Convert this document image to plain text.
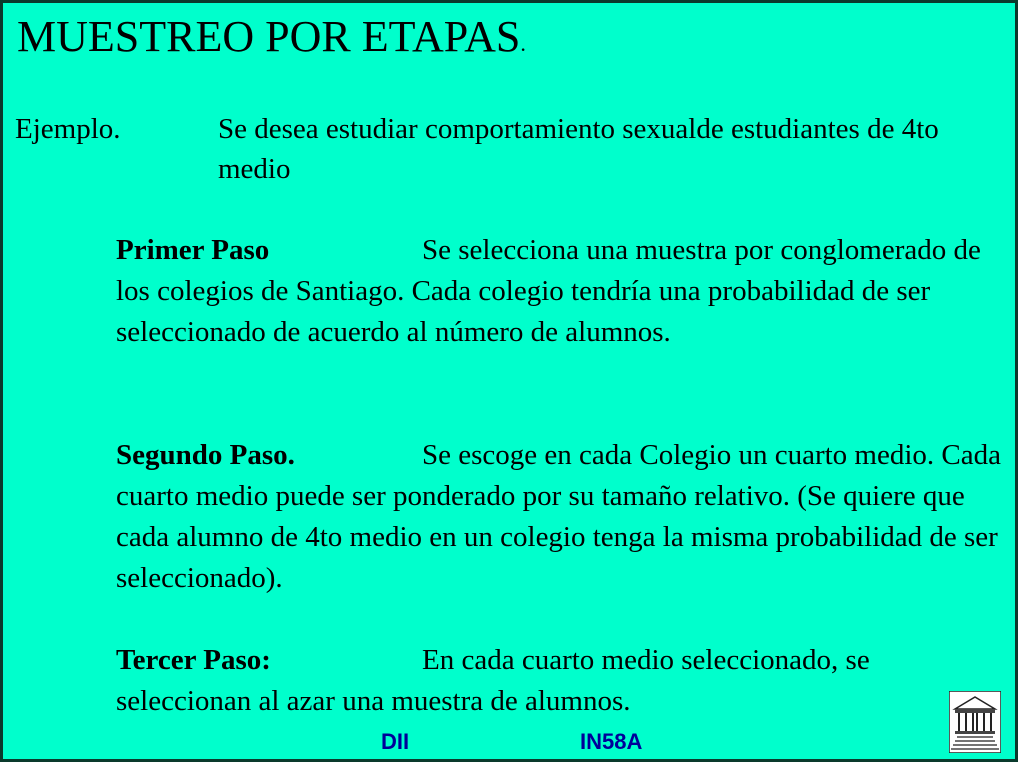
MUESTREO POR ETAPAS.
Ejemplo.	Se desea estudiar comportamiento sexualde estudiantes de 4to medio
Primer Paso	Se selecciona una muestra por conglomerado de los colegios de Santiago. Cada colegio tendría una probabilidad de ser seleccionado de acuerdo al número de alumnos.
Segundo Paso.	Se escoge en cada Colegio un cuarto medio. Cada cuarto medio puede ser ponderado por su tamaño relativo. (Se quiere que cada alumno de 4to medio en un colegio tenga la misma probabilidad de ser seleccionado).
Tercer Paso:	En cada cuarto medio seleccionado, se seleccionan al azar una muestra de alumnos.
DII	IN58A
